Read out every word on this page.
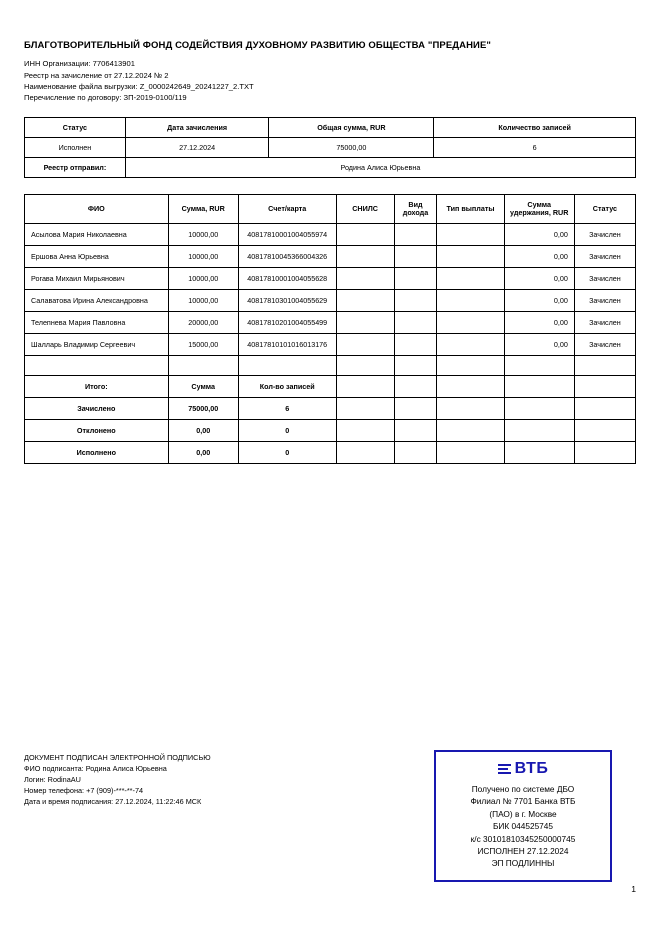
БЛАГОТВОРИТЕЛЬНЫЙ ФОНД СОДЕЙСТВИЯ ДУХОВНОМУ РАЗВИТИЮ ОБЩЕСТВА "ПРЕДАНИЕ"

ИНН Организации: 7706413901

Реестр на зачисление от 27.12.2024 № 2

Наименование файла выгрузки: Z_0000242649_20241227_2.TXT

Перечисление по договору: ЗП-2019-0100/119

Статус	Дата зачисления	Общая сумма, RUR	Количество записей
Исполнен	27.12.2024	75000,00	6
Реестр отправил:	Родина Алиса Юрьевна		
ФИО	Сумма, RUR	Счет/карта	СНИЛС	Вид дохода	Тип выплаты	Сумма удержания, RUR	Статус
Асылова Мария Николаевна	10000,00	40817810001004055974				0,00	Зачислен
Ершова Анна Юрьевна	10000,00	40817810045366004326				0,00	Зачислен
Рогава Михаил Мирьянович	10000,00	40817810001004055628				0,00	Зачислен
Салаватова Ирина Александровна	10000,00	40817810301004055629				0,00	Зачислен
Телепнева Мария Павловна	20000,00	40817810201004055499				0,00	Зачислен
Шалларь Владимир Сергеевич	15000,00	40817810101016013176				0,00	Зачислен

Итого:	Сумма	Кол-во записей					
Зачислено	75000,00	6					
Отклонено	0,00	0					
Исполнено	0,00	0					

ДОКУМЕНТ ПОДПИСАН ЭЛЕКТРОННОЙ ПОДПИСЬЮ

ФИО подписанта: Родина Алиса Юрьевна

Логин: RodinaAU

Номер телефона: +7 (909)-***-**-74

Дата и время подписания: 27.12.2024, 11:22:46 МСК

ВТБ

Получено по системе ДБО

Филиал № 7701 Банка ВТБ

(ПАО) в г. Москве

БИК 044525745

к/с 30101810345250000745

ИСПОЛНЕН 27.12.2024

ЭП ПОДЛИННЫ

1
